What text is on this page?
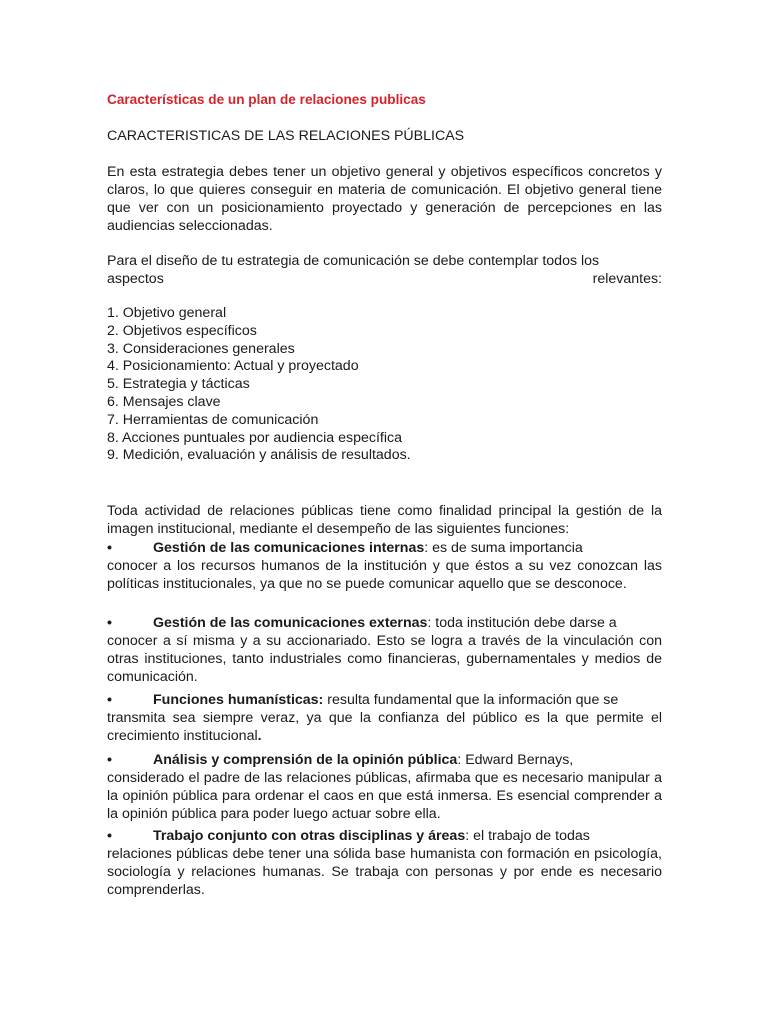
Características de un plan de relaciones publicas
CARACTERISTICAS DE LAS RELACIONES PÚBLICAS
En esta estrategia debes tener un objetivo general y objetivos específicos concretos y claros, lo que quieres conseguir en materia de comunicación. El objetivo general tiene que ver con un posicionamiento proyectado y generación de percepciones en las audiencias seleccionadas.
Para el diseño de tu estrategia de comunicación se debe contemplar todos los
aspectos	relevantes:
1. Objetivo general
2. Objetivos específicos
3. Consideraciones generales
4. Posicionamiento: Actual y proyectado
5. Estrategia y tácticas
6. Mensajes clave
7. Herramientas de comunicación
8. Acciones puntuales por audiencia específica
9. Medición, evaluación y análisis de resultados.
Toda actividad de relaciones públicas tiene como finalidad principal la gestión de la imagen institucional, mediante el desempeño de las siguientes funciones:
•	Gestión de las comunicaciones internas: es de suma importancia
conocer a los recursos humanos de la institución y que éstos a su vez conozcan las políticas institucionales, ya que no se puede comunicar aquello que se desconoce.
•	Gestión de las comunicaciones externas: toda institución debe darse a
conocer a sí misma y a su accionariado. Esto se logra a través de la vinculación con otras instituciones, tanto industriales como financieras, gubernamentales y medios de comunicación.
•	Funciones humanísticas: resulta fundamental que la información que se
transmita sea siempre veraz, ya que la confianza del público es la que permite el crecimiento institucional.
•	Análisis y comprensión de la opinión pública: Edward Bernays,
considerado el padre de las relaciones públicas, afirmaba que es necesario manipular a la opinión pública para ordenar el caos en que está inmersa. Es esencial comprender a la opinión pública para poder luego actuar sobre ella.
•	Trabajo conjunto con otras disciplinas y áreas: el trabajo de todas
relaciones públicas debe tener una sólida base humanista con formación en psicología, sociología y relaciones humanas. Se trabaja con personas y por ende es necesario comprenderlas.
